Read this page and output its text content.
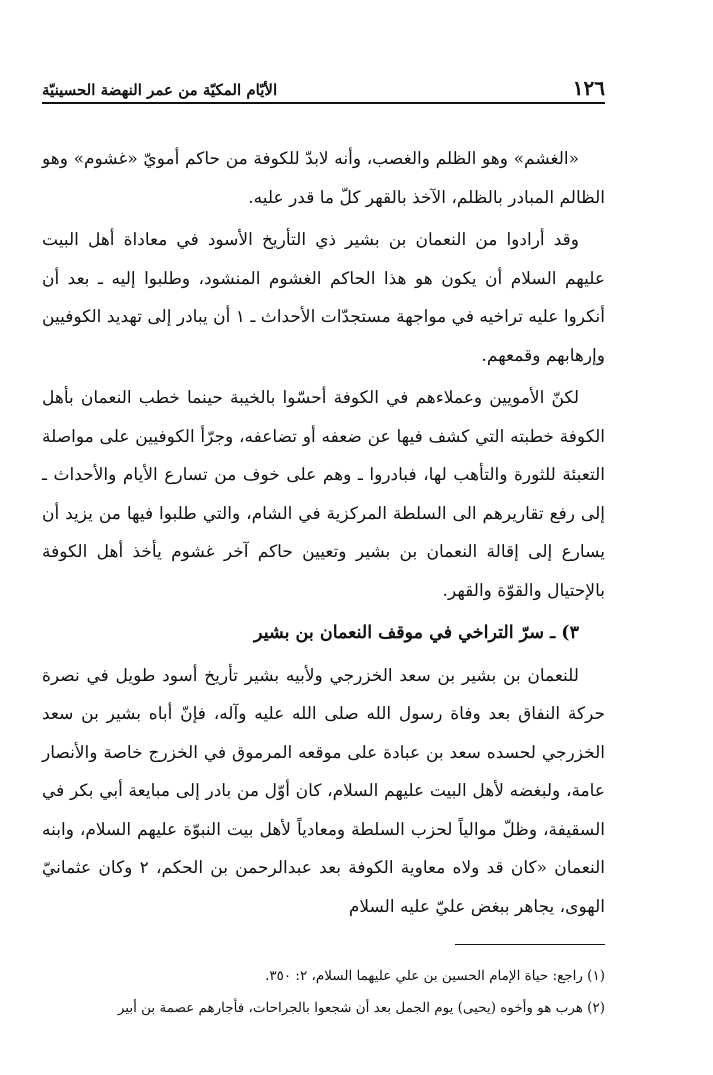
١٢٦
الأيّام المكيّة من عمر النهضة الحسينيّة

«الغشم» وهو الظلم والغصب، وأنه لابدّ للكوفة من حاكم أمويّ «غشوم» وهو الظالم المبادر بالظلم، الآخذ بالقهر كلّ ما قدر عليه.

وقد أرادوا من النعمان بن بشير ذي التأريخ الأسود في معاداة أهل البيت عليهم السلام أن يكون هو هذا الحاكم الغشوم المنشود، وطلبوا إليه ـ بعد أن أنكروا عليه تراخيه في مواجهة مستجدّات الأحداث ـ ١ أن يبادر إلى تهديد الكوفيين وإرهابهم وقمعهم.

لكنّ الأمويين وعملاءهم في الكوفة أحسّوا بالخيبة حينما خطب النعمان بأهل الكوفة خطبته التي كشف فيها عن ضعفه أو تضاعفه، وجرّأ الكوفيين على مواصلة التعبئة للثورة والتأهب لها، فبادروا ـ وهم على خوف من تسارع الأيام والأحداث ـ إلى رفع تقاريرهم الى السلطة المركزية في الشام، والتي طلبوا فيها من يزيد أن يسارع إلى إقالة النعمان بن بشير وتعيين حاكم آخر غشوم يأخذ أهل الكوفة بالإحتيال والقوّة والقهر.

٣) ـ سرّ التراخي في موقف النعمان بن بشير

للنعمان بن بشير بن سعد الخزرجي ولأبيه بشير تأريخ أسود طويل في نصرة حركة النفاق بعد وفاة رسول الله صلى الله عليه وآله، فإنّ أباه بشير بن سعد الخزرجي لحسده سعد بن عبادة على موقعه المرموق في الخزرج خاصة والأنصار عامة، ولبغضه لأهل البيت عليهم السلام، كان أوّل من بادر إلى مبايعة أبي بكر في السقيفة، وظلّ موالياً لحزب السلطة ومعادياً لأهل بيت النبوّة عليهم السلام، وابنه النعمان «كان قد ولاه معاوية الكوفة بعد عبدالرحمن بن الحكم، ٢ وكان عثمانيّ الهوى، يجاهر ببغض عليّ عليه السلام

(١) راجع: حياة الإمام الحسين بن علي عليهما السلام، ٢: ٣٥٠.
(٢) هرب هو وأخوه (يحيى) يوم الجمل بعد أن شجعوا بالجراحات، فأجارهم عصمة بن أبير
